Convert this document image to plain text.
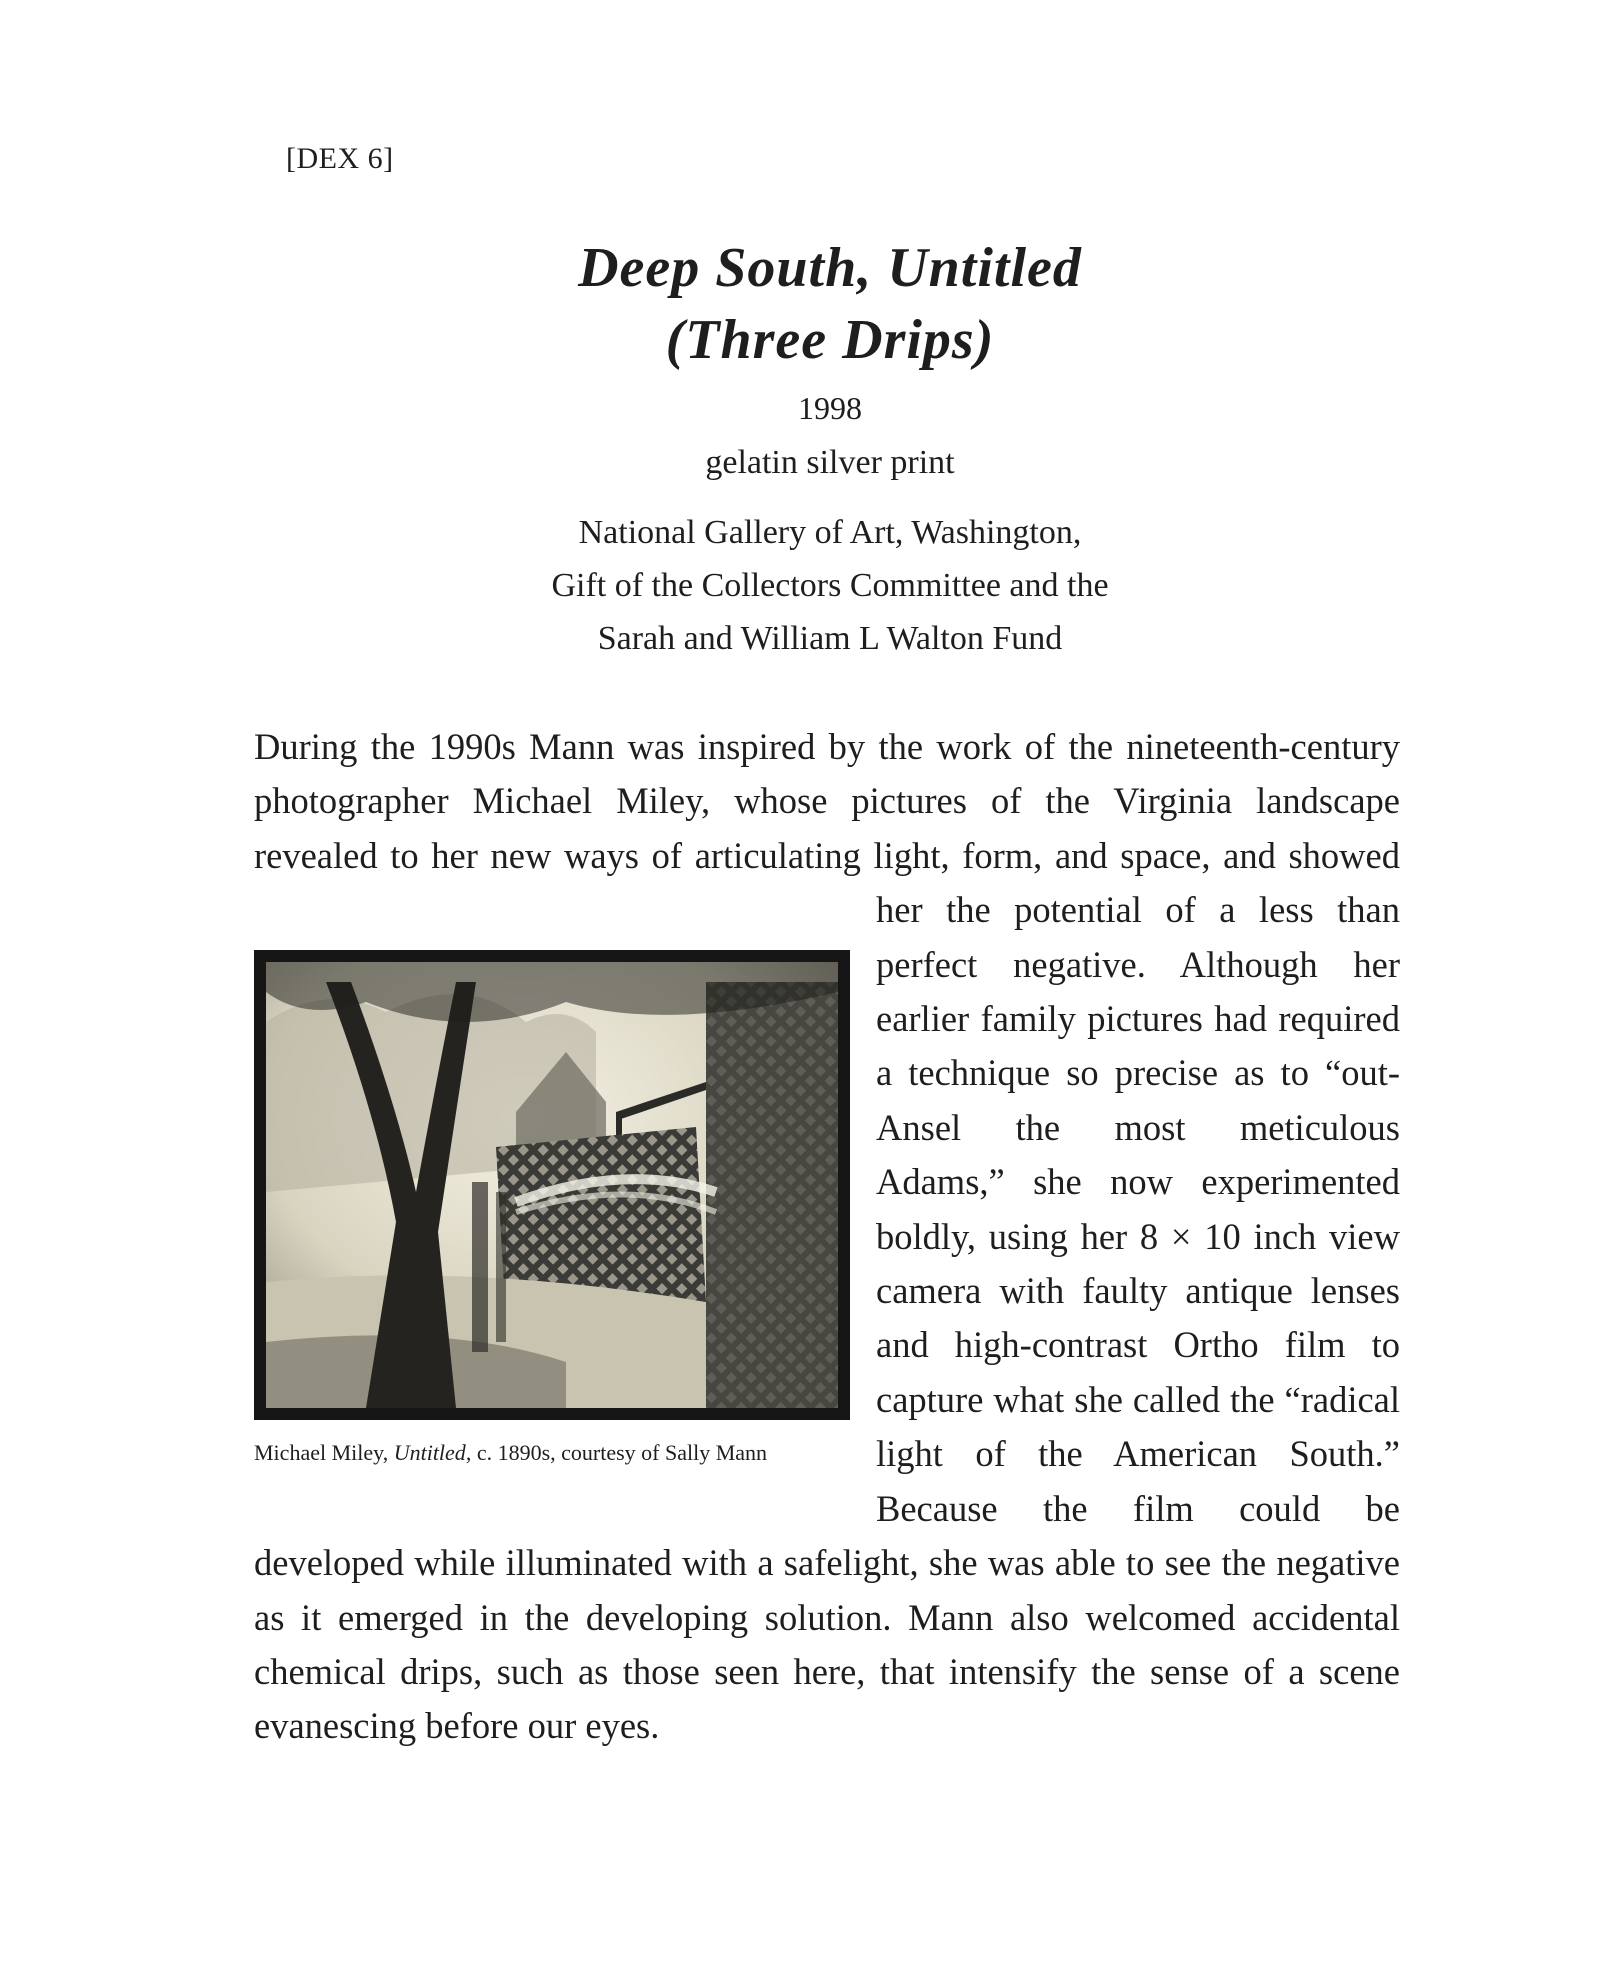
[DEX 6]
Deep South, Untitled
(Three Drips)
1998
gelatin silver print
National Gallery of Art, Washington,
Gift of the Collectors Committee and the
Sarah and William L Walton Fund
Michael Miley, Untitled, c. 1890s, courtesy of Sally Mann
During the 1990s Mann was inspired by the work of the nineteenth-century photographer Michael Miley, whose pictures of the Virginia landscape revealed to her new ways of articulating light, form, and space, and showed her the potential of a less than perfect negative. Although her earlier family pictures had required a technique so precise as to “out-Ansel the most meticulous Adams,” she now experimented boldly, using her 8 × 10 inch view camera with faulty antique lenses and high-contrast Ortho film to capture what she called the “radical light of the American South.” Because the film could be developed while illuminated with a safelight, she was able to see the negative as it emerged in the developing solution. Mann also welcomed accidental chemical drips, such as those seen here, that intensify the sense of a scene evanescing before our eyes.
